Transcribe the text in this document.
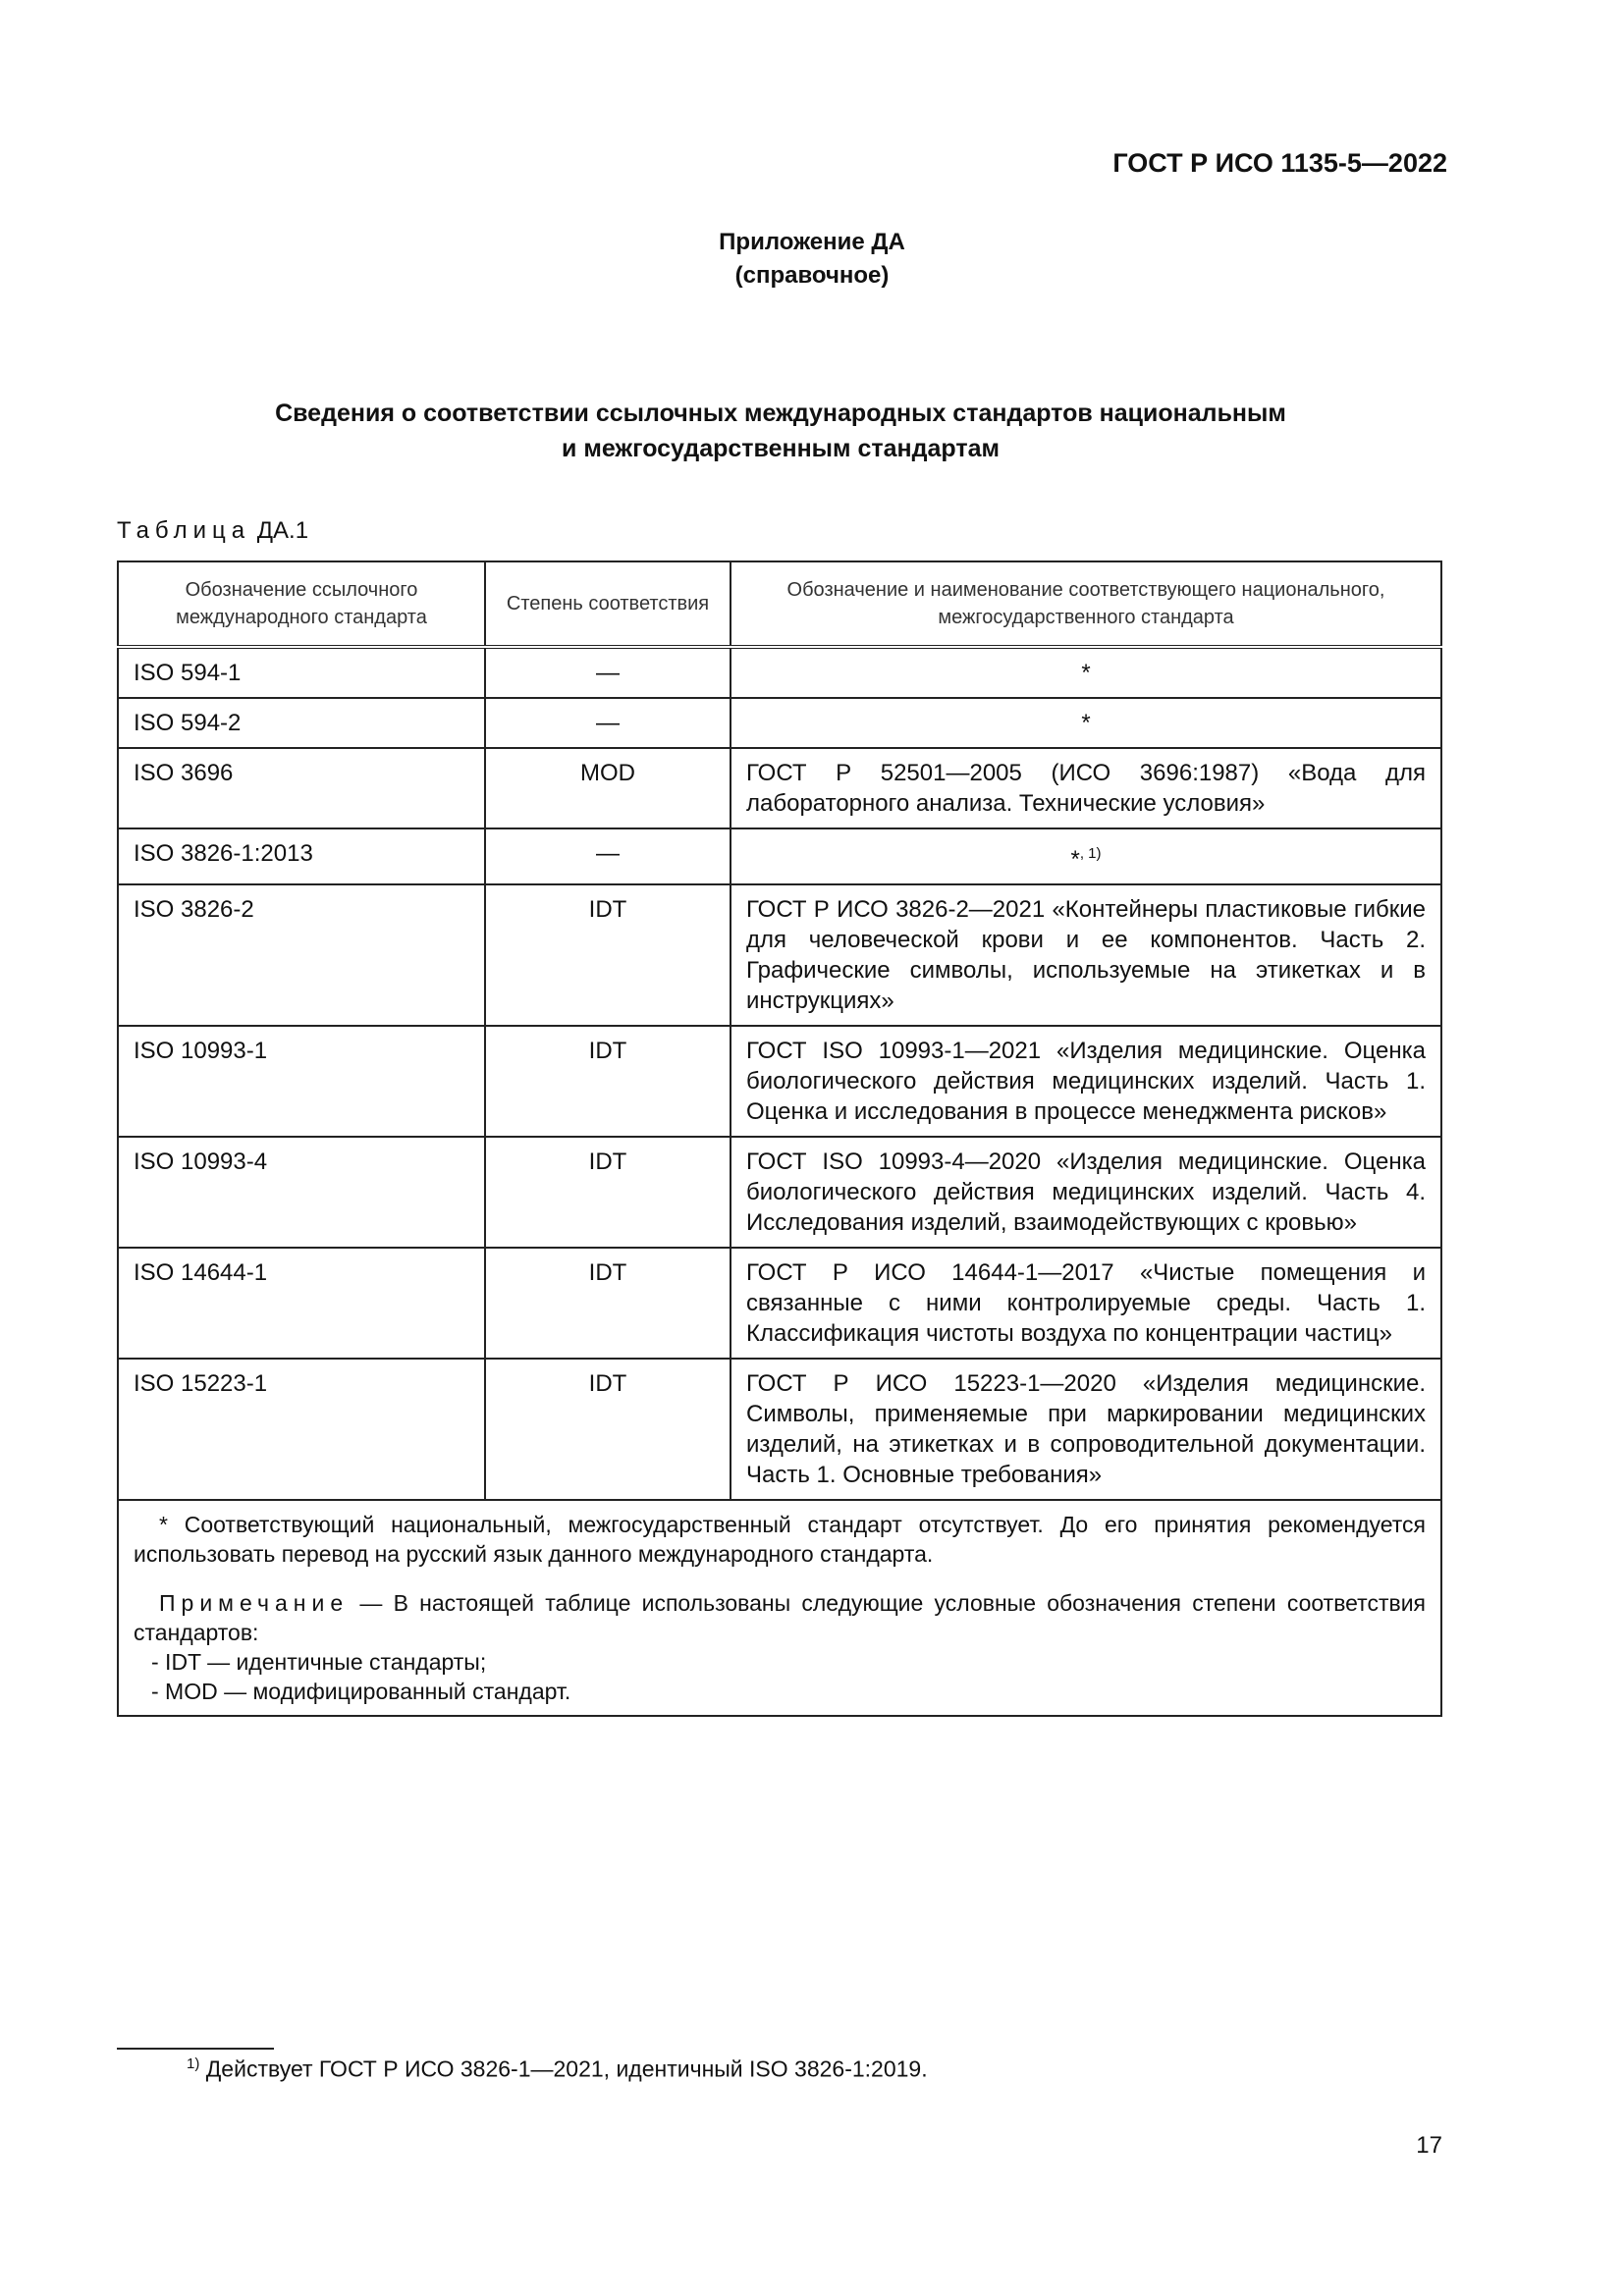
ГОСТ Р ИСО 1135-5—2022
Приложение ДА
(справочное)
Сведения о соответствии ссылочных международных стандартов национальным
и межгосударственным стандартам
Таблица ДА.1
Обозначение ссылочного международного стандарта	Степень соответствия	Обозначение и наименование соответствующего национального, межгосударственного стандарта
ISO 594-1	—	*
ISO 594-2	—	*
ISO 3696	MOD	ГОСТ Р 52501—2005 (ИСО 3696:1987) «Вода для лабораторного анализа. Технические условия»
ISO 3826-1:2013	—	*$^{, 1)}$
ISO 3826-2	IDT	ГОСТ Р ИСО 3826-2—2021 «Контейнеры пластиковые гибкие для человеческой крови и ее компонентов. Часть 2. Графические символы, используемые на этикетках и в инструкциях»
ISO 10993-1	IDT	ГОСТ ISO 10993-1—2021 «Изделия медицинские. Оценка биологического действия медицинских изделий. Часть 1. Оценка и исследования в процессе менеджмента рисков»
ISO 10993-4	IDT	ГОСТ ISO 10993-4—2020 «Изделия медицинские. Оценка биологического действия медицинских изделий. Часть 4. Исследования изделий, взаимодействующих с кровью»
ISO 14644-1	IDT	ГОСТ Р ИСО 14644-1—2017 «Чистые помещения и связанные с ними контролируемые среды. Часть 1. Классификация чистоты воздуха по концентрации частиц»
ISO 15223-1	IDT	ГОСТ Р ИСО 15223-1—2020 «Изделия медицинские. Символы, применяемые при маркировании медицинских изделий, на этикетках и в сопроводительной документации. Часть 1. Основные требования»

* Соответствующий национальный, межгосударственный стандарт отсутствует. До его принятия рекомендуется использовать перевод на русский язык данного международного стандарта.
Примечание — В настоящей таблице использованы следующие условные обозначения степени соответствия стандартов:
- IDT — идентичные стандарты;
- MOD — модифицированный стандарт.		
$^{1)}$ Действует ГОСТ Р ИСО 3826-1—2021, идентичный ISO 3826-1:2019.
17
